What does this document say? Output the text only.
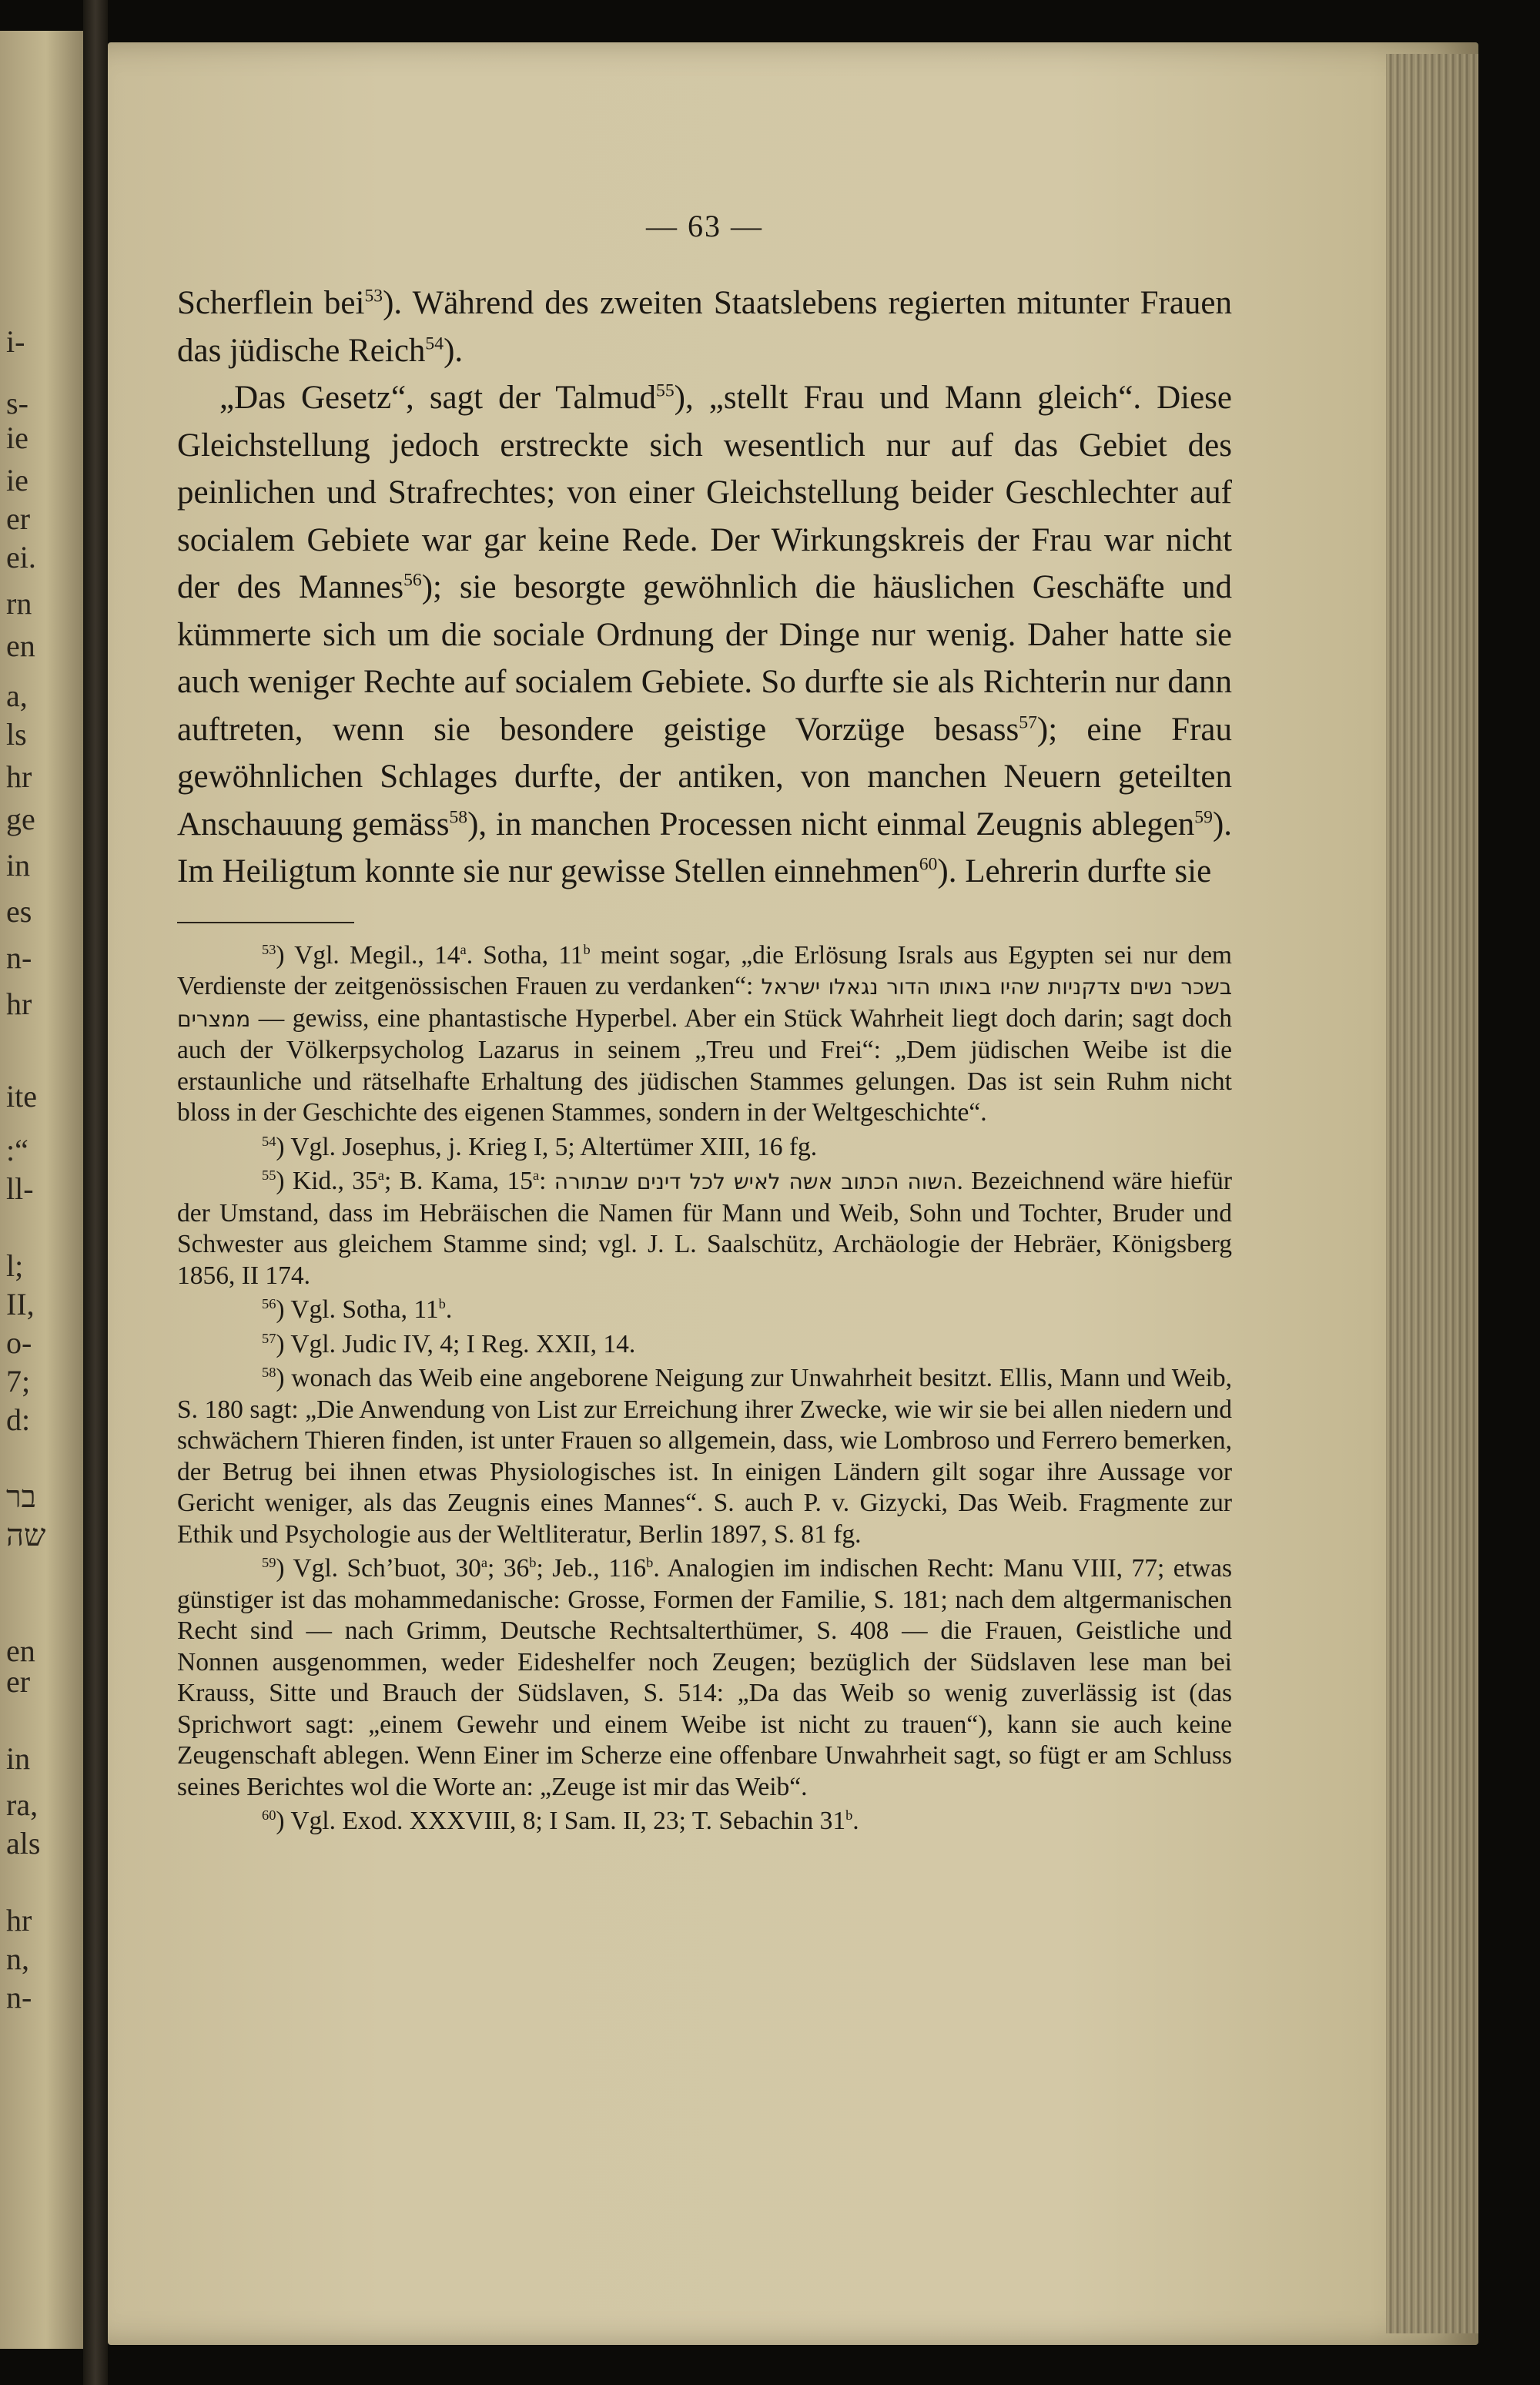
i-
s-
ie
ie
er
ei.
rn
en
a,
ls
hr
ge
in
es
n-
hr
ite
:“
ll-
l;
II,
o-
7;
d:
בר
שה
en
er
in
ra,
als
hr
n,
n-
— 63 —

Scherflein bei$^{53}$). Während des zweiten Staatslebens regierten mitunter Frauen das jüdische Reich$^{54}$).

„Das Gesetz“, sagt der Talmud$^{55}$), „stellt Frau und Mann gleich“. Diese Gleichstellung jedoch erstreckte sich wesentlich nur auf das Gebiet des peinlichen und Strafrechtes; von einer Gleichstellung beider Geschlechter auf socialem Gebiete war gar keine Rede. Der Wirkungskreis der Frau war nicht der des Mannes$^{56}$); sie besorgte gewöhnlich die häuslichen Geschäfte und kümmerte sich um die sociale Ordnung der Dinge nur wenig. Daher hatte sie auch weniger Rechte auf socialem Gebiete. So durfte sie als Richterin nur dann auftreten, wenn sie besondere geistige Vorzüge besass$^{57}$); eine Frau gewöhnlichen Schlages durfte, der antiken, von manchen Neuern geteilten Anschauung gemäss$^{58}$), in manchen Processen nicht einmal Zeugnis ablegen$^{59}$). Im Heiligtum konnte sie nur gewisse Stellen einnehmen$^{60}$). Lehrerin durfte sie

$^{53}$) Vgl. Megil., 14$^a$. Sotha, 11$^b$ meint sogar, „die Erlösung Israls aus Egypten sei nur dem Verdienste der zeitgenössischen Frauen zu verdanken“: בשכר נשים צדקניות שהיו באותו הדור נגאלו ישראל ממצרים — gewiss, eine phantastische Hyperbel. Aber ein Stück Wahrheit liegt doch darin; sagt doch auch der Völkerpsycholog Lazarus in seinem „Treu und Frei“: „Dem jüdischen Weibe ist die erstaunliche und rätselhafte Erhaltung des jüdischen Stammes gelungen. Das ist sein Ruhm nicht bloss in der Geschichte des eigenen Stammes, sondern in der Weltgeschichte“.

$^{54}$) Vgl. Josephus, j. Krieg I, 5; Altertümer XIII, 16 fg.

$^{55}$) Kid., 35$^a$; B. Kama, 15$^a$: השוה הכתוב אשה לאיש לכל דינים שבתורה. Bezeichnend wäre hiefür der Umstand, dass im Hebräischen die Namen für Mann und Weib, Sohn und Tochter, Bruder und Schwester aus gleichem Stamme sind; vgl. J. L. Saalschütz, Archäologie der Hebräer, Königsberg 1856, II 174.

$^{56}$) Vgl. Sotha, 11$^b$.

$^{57}$) Vgl. Judic IV, 4; I Reg. XXII, 14.

$^{58}$) wonach das Weib eine angeborene Neigung zur Unwahrheit besitzt. Ellis, Mann und Weib, S. 180 sagt: „Die Anwendung von List zur Erreichung ihrer Zwecke, wie wir sie bei allen niedern und schwächern Thieren finden, ist unter Frauen so allgemein, dass, wie Lombroso und Ferrero bemerken, der Betrug bei ihnen etwas Physiologisches ist. In einigen Ländern gilt sogar ihre Aussage vor Gericht weniger, als das Zeugnis eines Mannes“. S. auch P. v. Gizycki, Das Weib. Fragmente zur Ethik und Psychologie aus der Weltliteratur, Berlin 1897, S. 81 fg.

$^{59}$) Vgl. Sch’buot, 30$^a$; 36$^b$; Jeb., 116$^b$. Analogien im indischen Recht: Manu VIII, 77; etwas günstiger ist das mohammedanische: Grosse, Formen der Familie, S. 181; nach dem altgermanischen Recht sind — nach Grimm, Deutsche Rechtsalterthümer, S. 408 — die Frauen, Geistliche und Nonnen ausgenommen, weder Eideshelfer noch Zeugen; bezüglich der Südslaven lese man bei Krauss, Sitte und Brauch der Südslaven, S. 514: „Da das Weib so wenig zuverlässig ist (das Sprichwort sagt: „einem Gewehr und einem Weibe ist nicht zu trauen“), kann sie auch keine Zeugenschaft ablegen. Wenn Einer im Scherze eine offenbare Unwahrheit sagt, so fügt er am Schluss seines Berichtes wol die Worte an: „Zeuge ist mir das Weib“.

$^{60}$) Vgl. Exod. XXXVIII, 8; I Sam. II, 23; T. Sebachin 31$^b$.
